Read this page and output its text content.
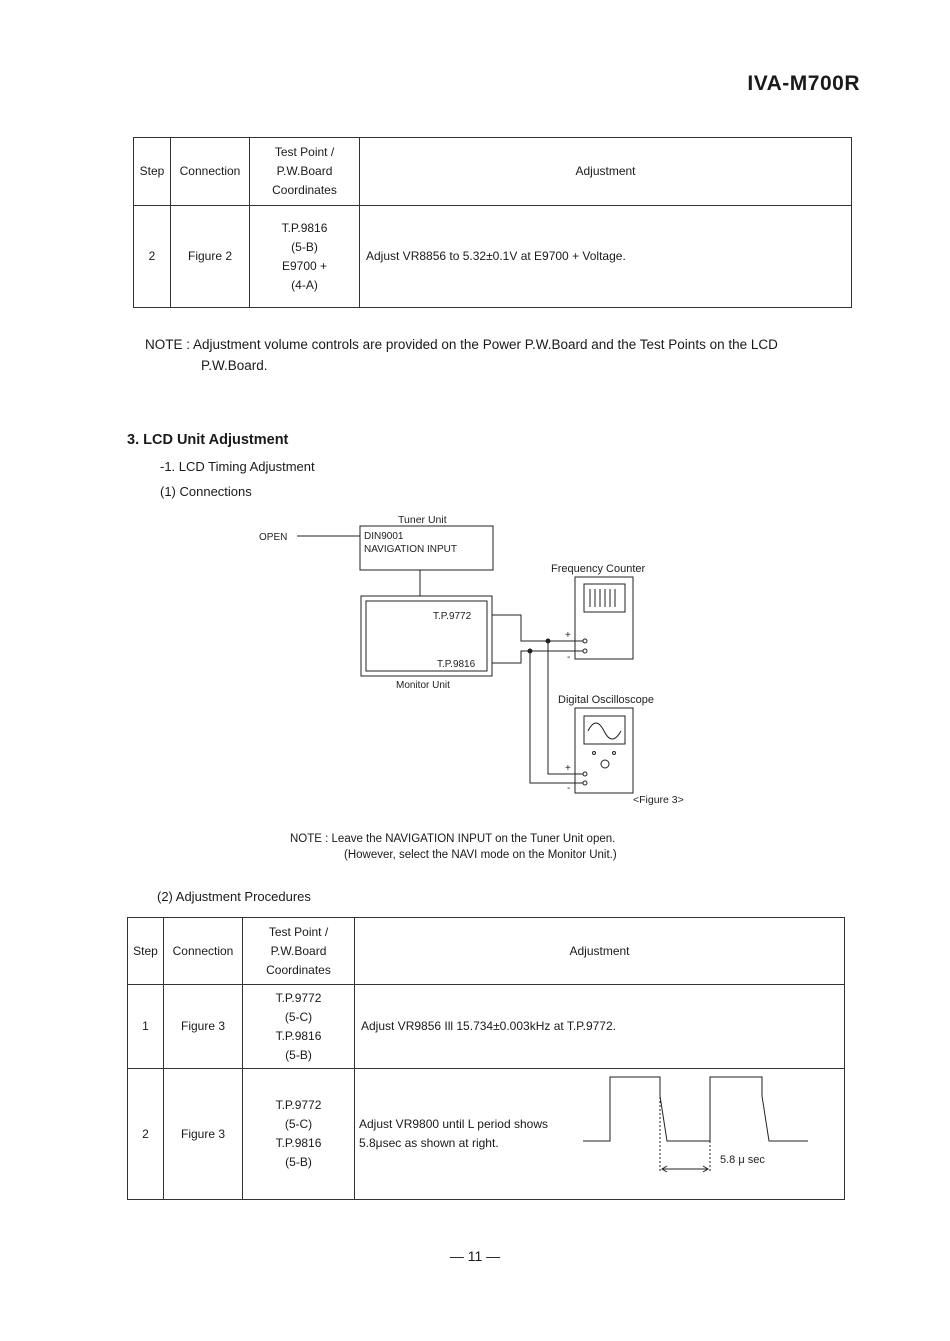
IVA-M700R
Step	Connection	Test Point /
P.W.Board
Coordinates	Adjustment
2	Figure 2	T.P.9816
(5-B)
E9700 +
(4-A)	Adjust VR8856 to 5.32±0.1V at E9700 + Voltage.
NOTE : Adjustment volume controls are provided on the Power P.W.Board and the Test Points on the LCD
P.W.Board.
3. LCD Unit Adjustment
-1. LCD Timing Adjustment
(1) Connections
Tuner Unit
DIN9001
NAVIGATION INPUT
OPEN
T.P.9772
T.P.9816
Monitor Unit
Frequency Counter
+
-
Digital Oscilloscope
+
-
<Figure 3>
NOTE : Leave the NAVIGATION INPUT on the Tuner Unit open.
(However, select the NAVI mode on the Monitor Unit.)
(2) Adjustment Procedures
Step	Connection	Test Point /
P.W.Board
Coordinates	Adjustment
1	Figure 3	T.P.9772
(5-C)
T.P.9816
(5-B)	Adjust VR9856 Ill 15.734±0.003kHz at T.P.9772.
2	Figure 3	T.P.9772
(5-C)
T.P.9816
(5-B)	Adjust VR9800 until L period shows
5.8μsec as shown at right.
5.8 μ sec
— 11 —
